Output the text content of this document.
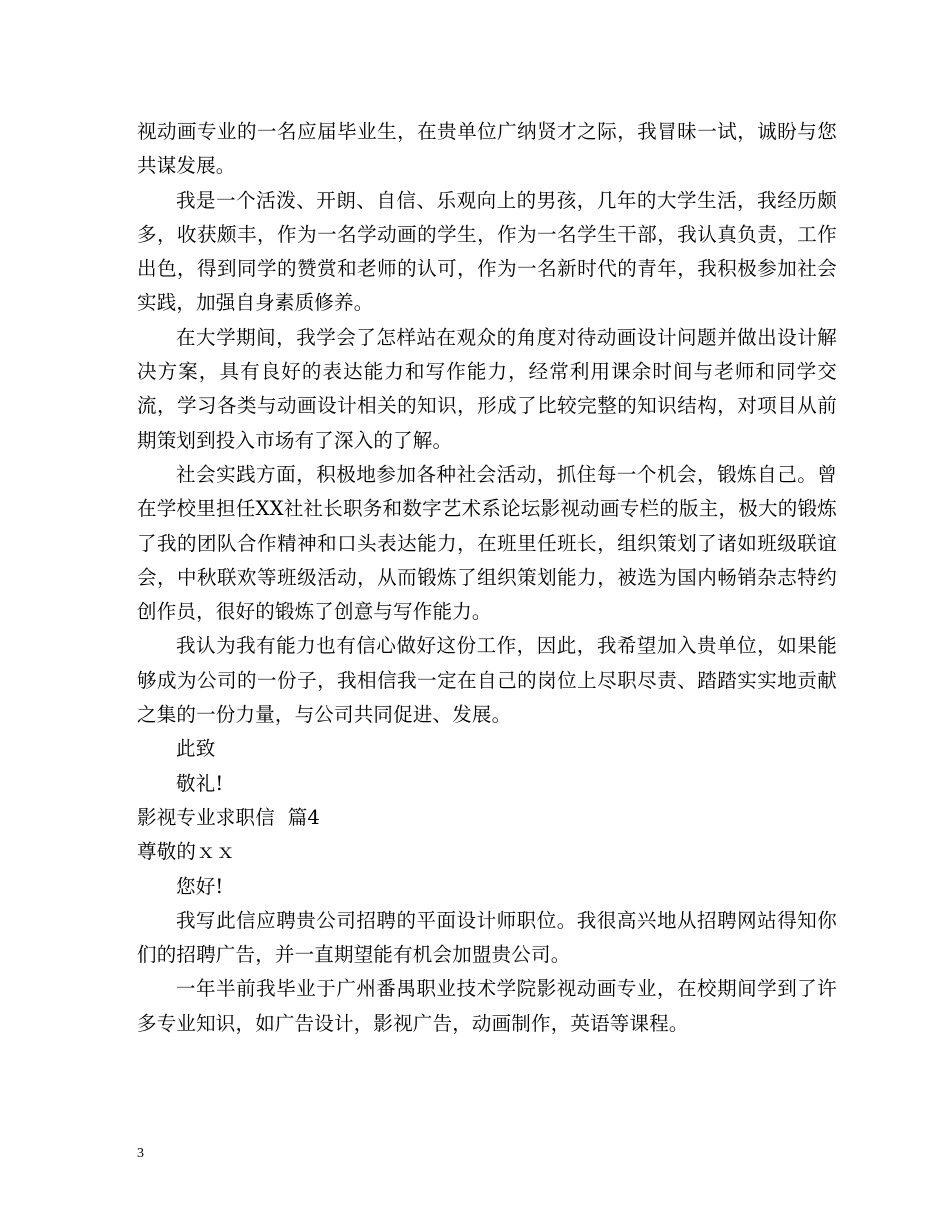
视动画专业的一名应届毕业生，在贵单位广纳贤才之际，我冒昧一试，诚盼与您共谋发展。

我是一个活泼、开朗、自信、乐观向上的男孩，几年的大学生活，我经历颇多，收获颇丰，作为一名学动画的学生，作为一名学生干部，我认真负责，工作出色，得到同学的赞赏和老师的认可，作为一名新时代的青年，我积极参加社会实践，加强自身素质修养。

在大学期间，我学会了怎样站在观众的角度对待动画设计问题并做出设计解决方案，具有良好的表达能力和写作能力，经常利用课余时间与老师和同学交流，学习各类与动画设计相关的知识，形成了比较完整的知识结构，对项目从前期策划到投入市场有了深入的了解。

社会实践方面，积极地参加各种社会活动，抓住每一个机会，锻炼自己。曾在学校里担任XX社社长职务和数字艺术系论坛影视动画专栏的版主，极大的锻炼了我的团队合作精神和口头表达能力，在班里任班长，组织策划了诸如班级联谊会，中秋联欢等班级活动，从而锻炼了组织策划能力，被选为国内畅销杂志特约创作员，很好的锻炼了创意与写作能力。

我认为我有能力也有信心做好这份工作，因此，我希望加入贵单位，如果能够成为公司的一份子，我相信我一定在自己的岗位上尽职尽责、踏踏实实地贡献之集的一份力量，与公司共同促进、发展。

此致

敬礼!

影视专业求职信  篇4

尊敬的ｘｘ

您好!

我写此信应聘贵公司招聘的平面设计师职位。我很高兴地从招聘网站得知你们的招聘广告，并一直期望能有机会加盟贵公司。

一年半前我毕业于广州番禺职业技术学院影视动画专业，在校期间学到了许多专业知识，如广告设计，影视广告，动画制作，英语等课程。

3
